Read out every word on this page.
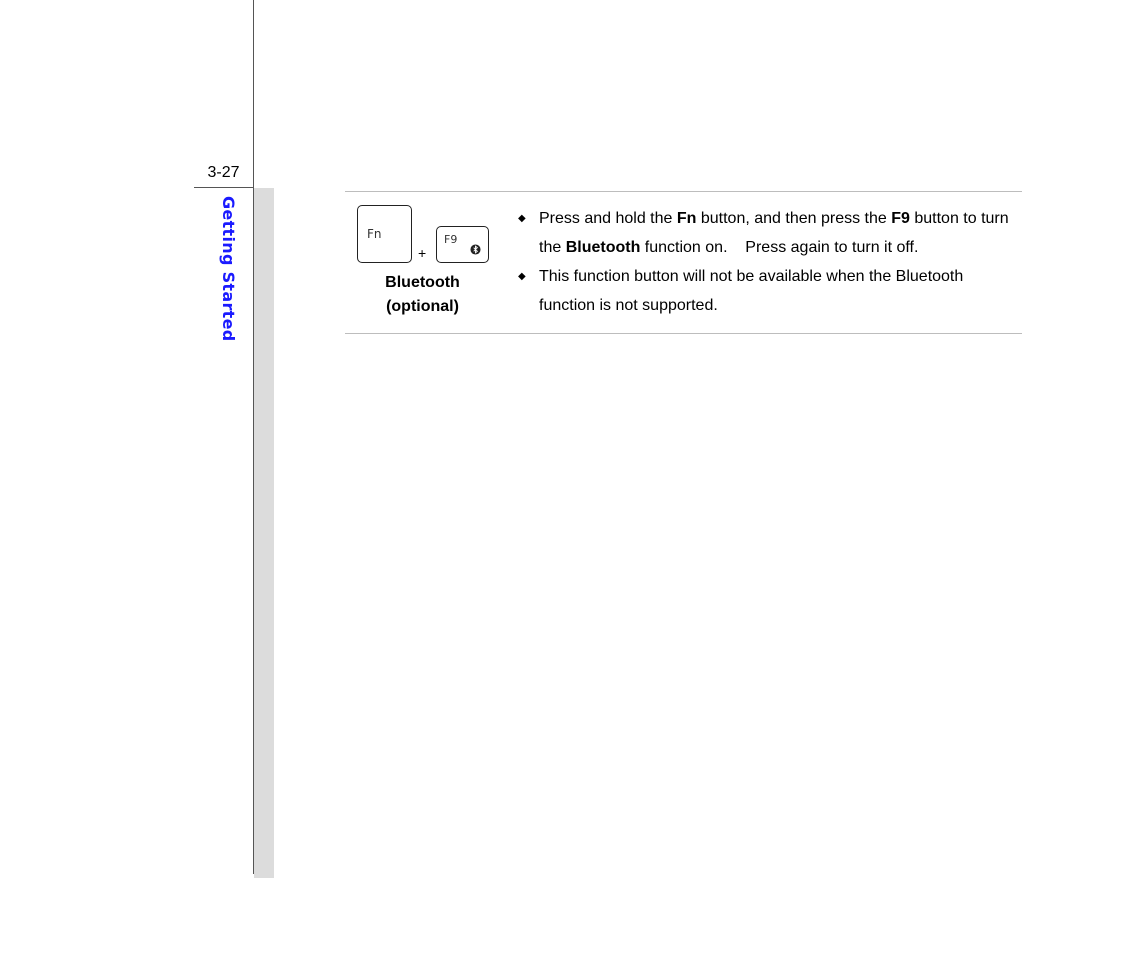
3-27
Getting Started	Fn
+
F9
Bluetooth
(optional)
◆ Press and hold the Fn button, and then press the F9 button to turn the Bluetooth function on.    Press again to turn it off.
◆ This function button will not be available when the Bluetooth function is not supported.
